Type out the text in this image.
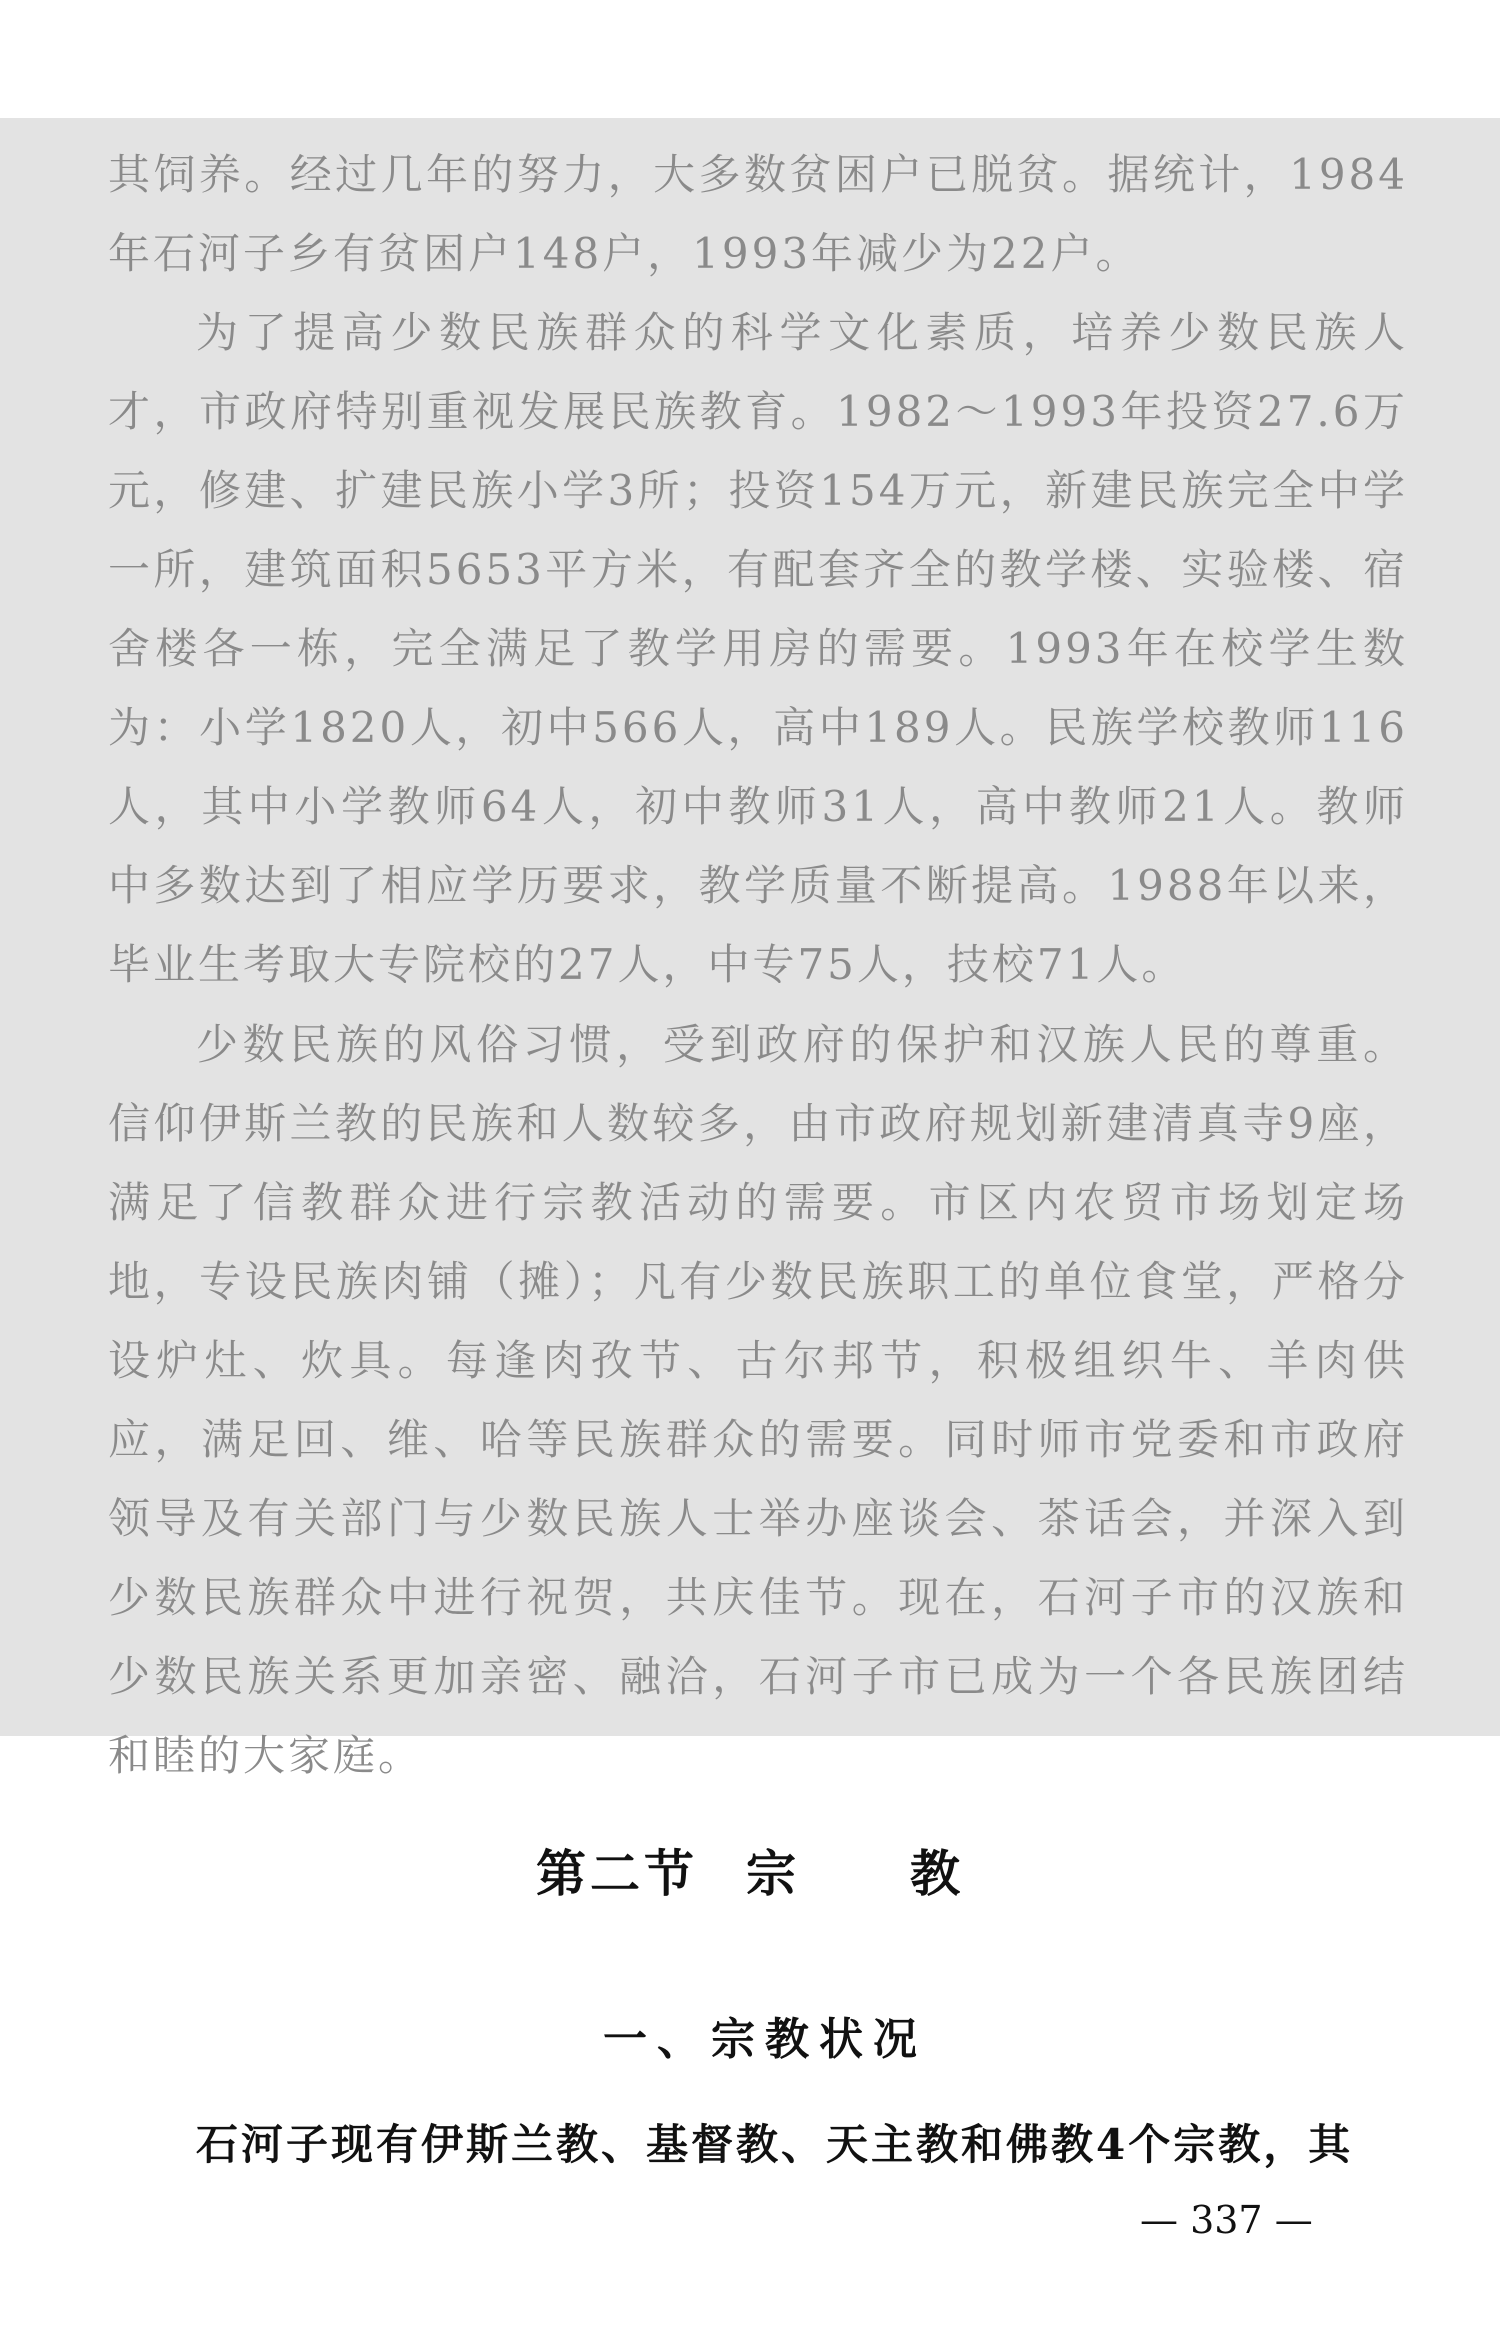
其饲养。经过几年的努力，大多数贫困户已脱贫。据统计，1984年石河子乡有贫困户148户，1993年减少为22户。

为了提高少数民族群众的科学文化素质，培养少数民族人才，市政府特别重视发展民族教育。1982～1993年投资27.6万元，修建、扩建民族小学3所；投资154万元，新建民族完全中学一所，建筑面积5653平方米，有配套齐全的教学楼、实验楼、宿舍楼各一栋，完全满足了教学用房的需要。1993年在校学生数为：小学1820人，初中566人，高中189人。民族学校教师116人，其中小学教师64人，初中教师31人，高中教师21人。教师中多数达到了相应学历要求，教学质量不断提高。1988年以来，毕业生考取大专院校的27人，中专75人，技校71人。

少数民族的风俗习惯，受到政府的保护和汉族人民的尊重。信仰伊斯兰教的民族和人数较多，由市政府规划新建清真寺9座，满足了信教群众进行宗教活动的需要。市区内农贸市场划定场地，专设民族肉铺（摊）；凡有少数民族职工的单位食堂，严格分设炉灶、炊具。每逢肉孜节、古尔邦节，积极组织牛、羊肉供应，满足回、维、哈等民族群众的需要。同时师市党委和市政府领导及有关部门与少数民族人士举办座谈会、茶话会，并深入到少数民族群众中进行祝贺，共庆佳节。现在，石河子市的汉族和少数民族关系更加亲密、融洽，石河子市已成为一个各民族团结和睦的大家庭。

第二节 宗 教
一、宗教状况

石河子现有伊斯兰教、基督教、天主教和佛教4个宗教，其

— 337 —
